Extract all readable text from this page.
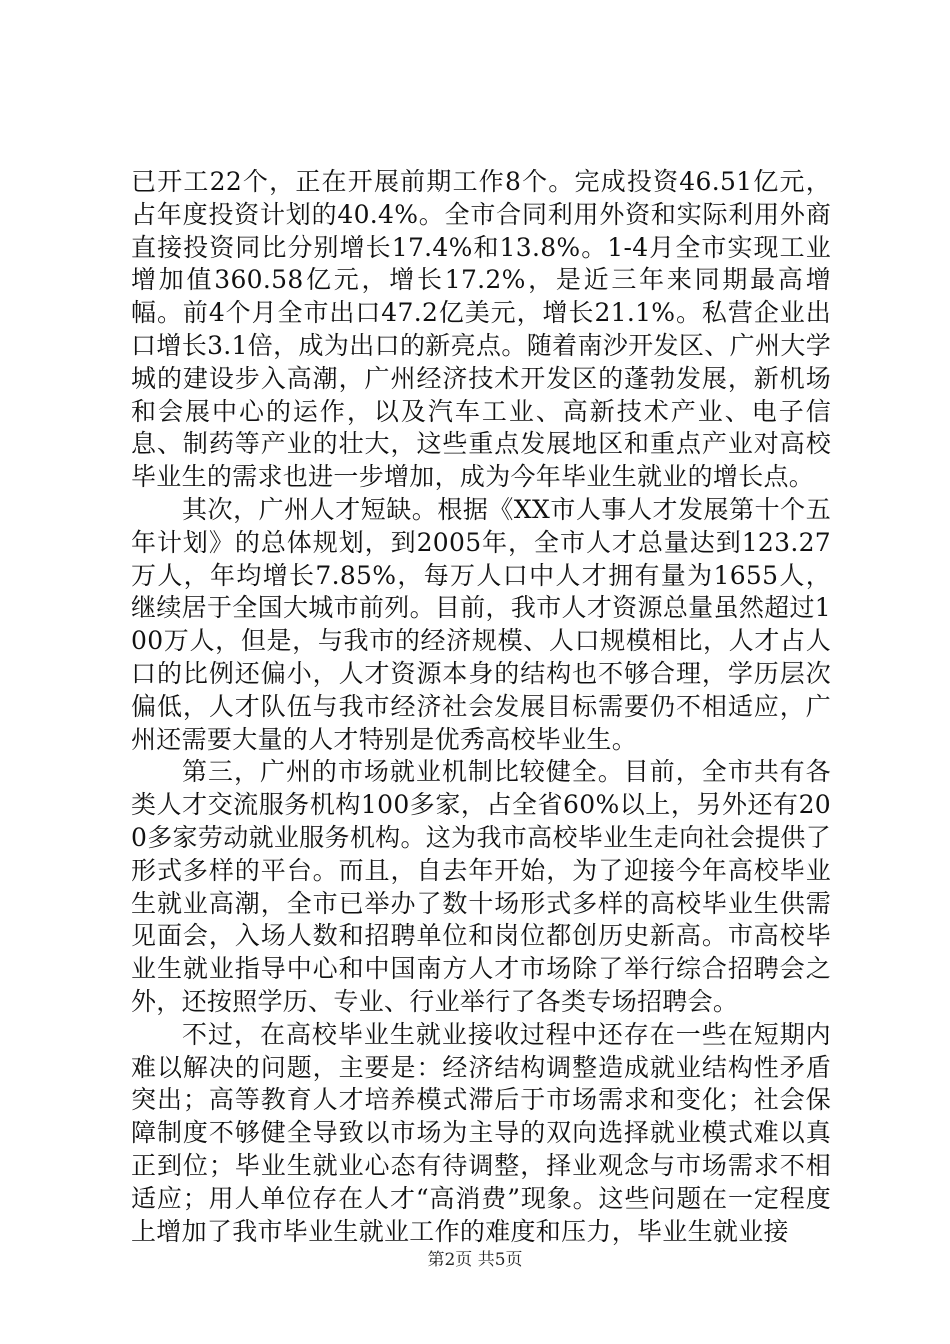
已开工22个，正在开展前期工作8个。完成投资46.51亿元，占年度投资计划的40.4%。全市合同利用外资和实际利用外商直接投资同比分别增长17.4%和13.8%。1-4月全市实现工业增加值360.58亿元，增长17.2%，是近三年来同期最高增幅。前4个月全市出口47.2亿美元，增长21.1%。私营企业出口增长3.1倍，成为出口的新亮点。随着南沙开发区、广州大学城的建设步入高潮，广州经济技术开发区的蓬勃发展，新机场和会展中心的运作，以及汽车工业、高新技术产业、电子信息、制药等产业的壮大，这些重点发展地区和重点产业对高校毕业生的需求也进一步增加，成为今年毕业生就业的增长点。

其次，广州人才短缺。根据《XX市人事人才发展第十个五年计划》的总体规划，到2005年，全市人才总量达到123.27万人，年均增长7.85%，每万人口中人才拥有量为1655人，继续居于全国大城市前列。目前，我市人才资源总量虽然超过100万人，但是，与我市的经济规模、人口规模相比，人才占人口的比例还偏小，人才资源本身的结构也不够合理，学历层次偏低，人才队伍与我市经济社会发展目标需要仍不相适应，广州还需要大量的人才特别是优秀高校毕业生。

第三，广州的市场就业机制比较健全。目前，全市共有各类人才交流服务机构100多家，占全省60%以上，另外还有200多家劳动就业服务机构。这为我市高校毕业生走向社会提供了形式多样的平台。而且，自去年开始，为了迎接今年高校毕业生就业高潮，全市已举办了数十场形式多样的高校毕业生供需见面会，入场人数和招聘单位和岗位都创历史新高。市高校毕业生就业指导中心和中国南方人才市场除了举行综合招聘会之外，还按照学历、专业、行业举行了各类专场招聘会。

不过，在高校毕业生就业接收过程中还存在一些在短期内难以解决的问题，主要是：经济结构调整造成就业结构性矛盾突出；高等教育人才培养模式滞后于市场需求和变化；社会保障制度不够健全导致以市场为主导的双向选择就业模式难以真正到位；毕业生就业心态有待调整，择业观念与市场需求不相适应；用人单位存在人才“高消费”现象。这些问题在一定程度上增加了我市毕业生就业工作的难度和压力，毕业生就业接

第2页 共5页
